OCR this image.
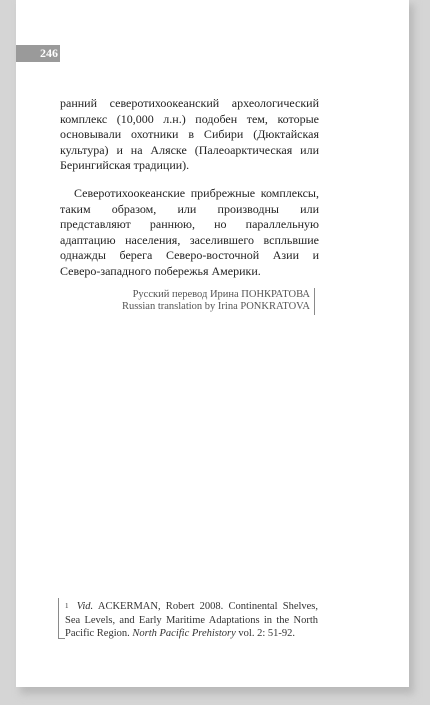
246
ранний северотихоокеанский археологический комплекс (10,000 л.н.) подобен тем, которые основывали охотники в Сибири (Дюктайская культура) и на Аляске (Палеоарктическая или Берингийская традиции).
Северотихоокеанские прибрежные комплексы, таким образом, или производны или представляют раннюю, но параллельную адаптацию населения, заселившего вспльвшие однажды берега Северо-восточной Азии и Северо-западного побережья Америки.
Русский перевод Ирина ПОНКРАТОВА
Russian translation by Irina PONKRATOVA
$^1$ Vid. ACKERMAN, Robert 2008. Continental Shelves, Sea Levels, and Early Maritime Adaptations in the North Pacific Region. North Pacific Prehistory vol. 2: 51-92.
